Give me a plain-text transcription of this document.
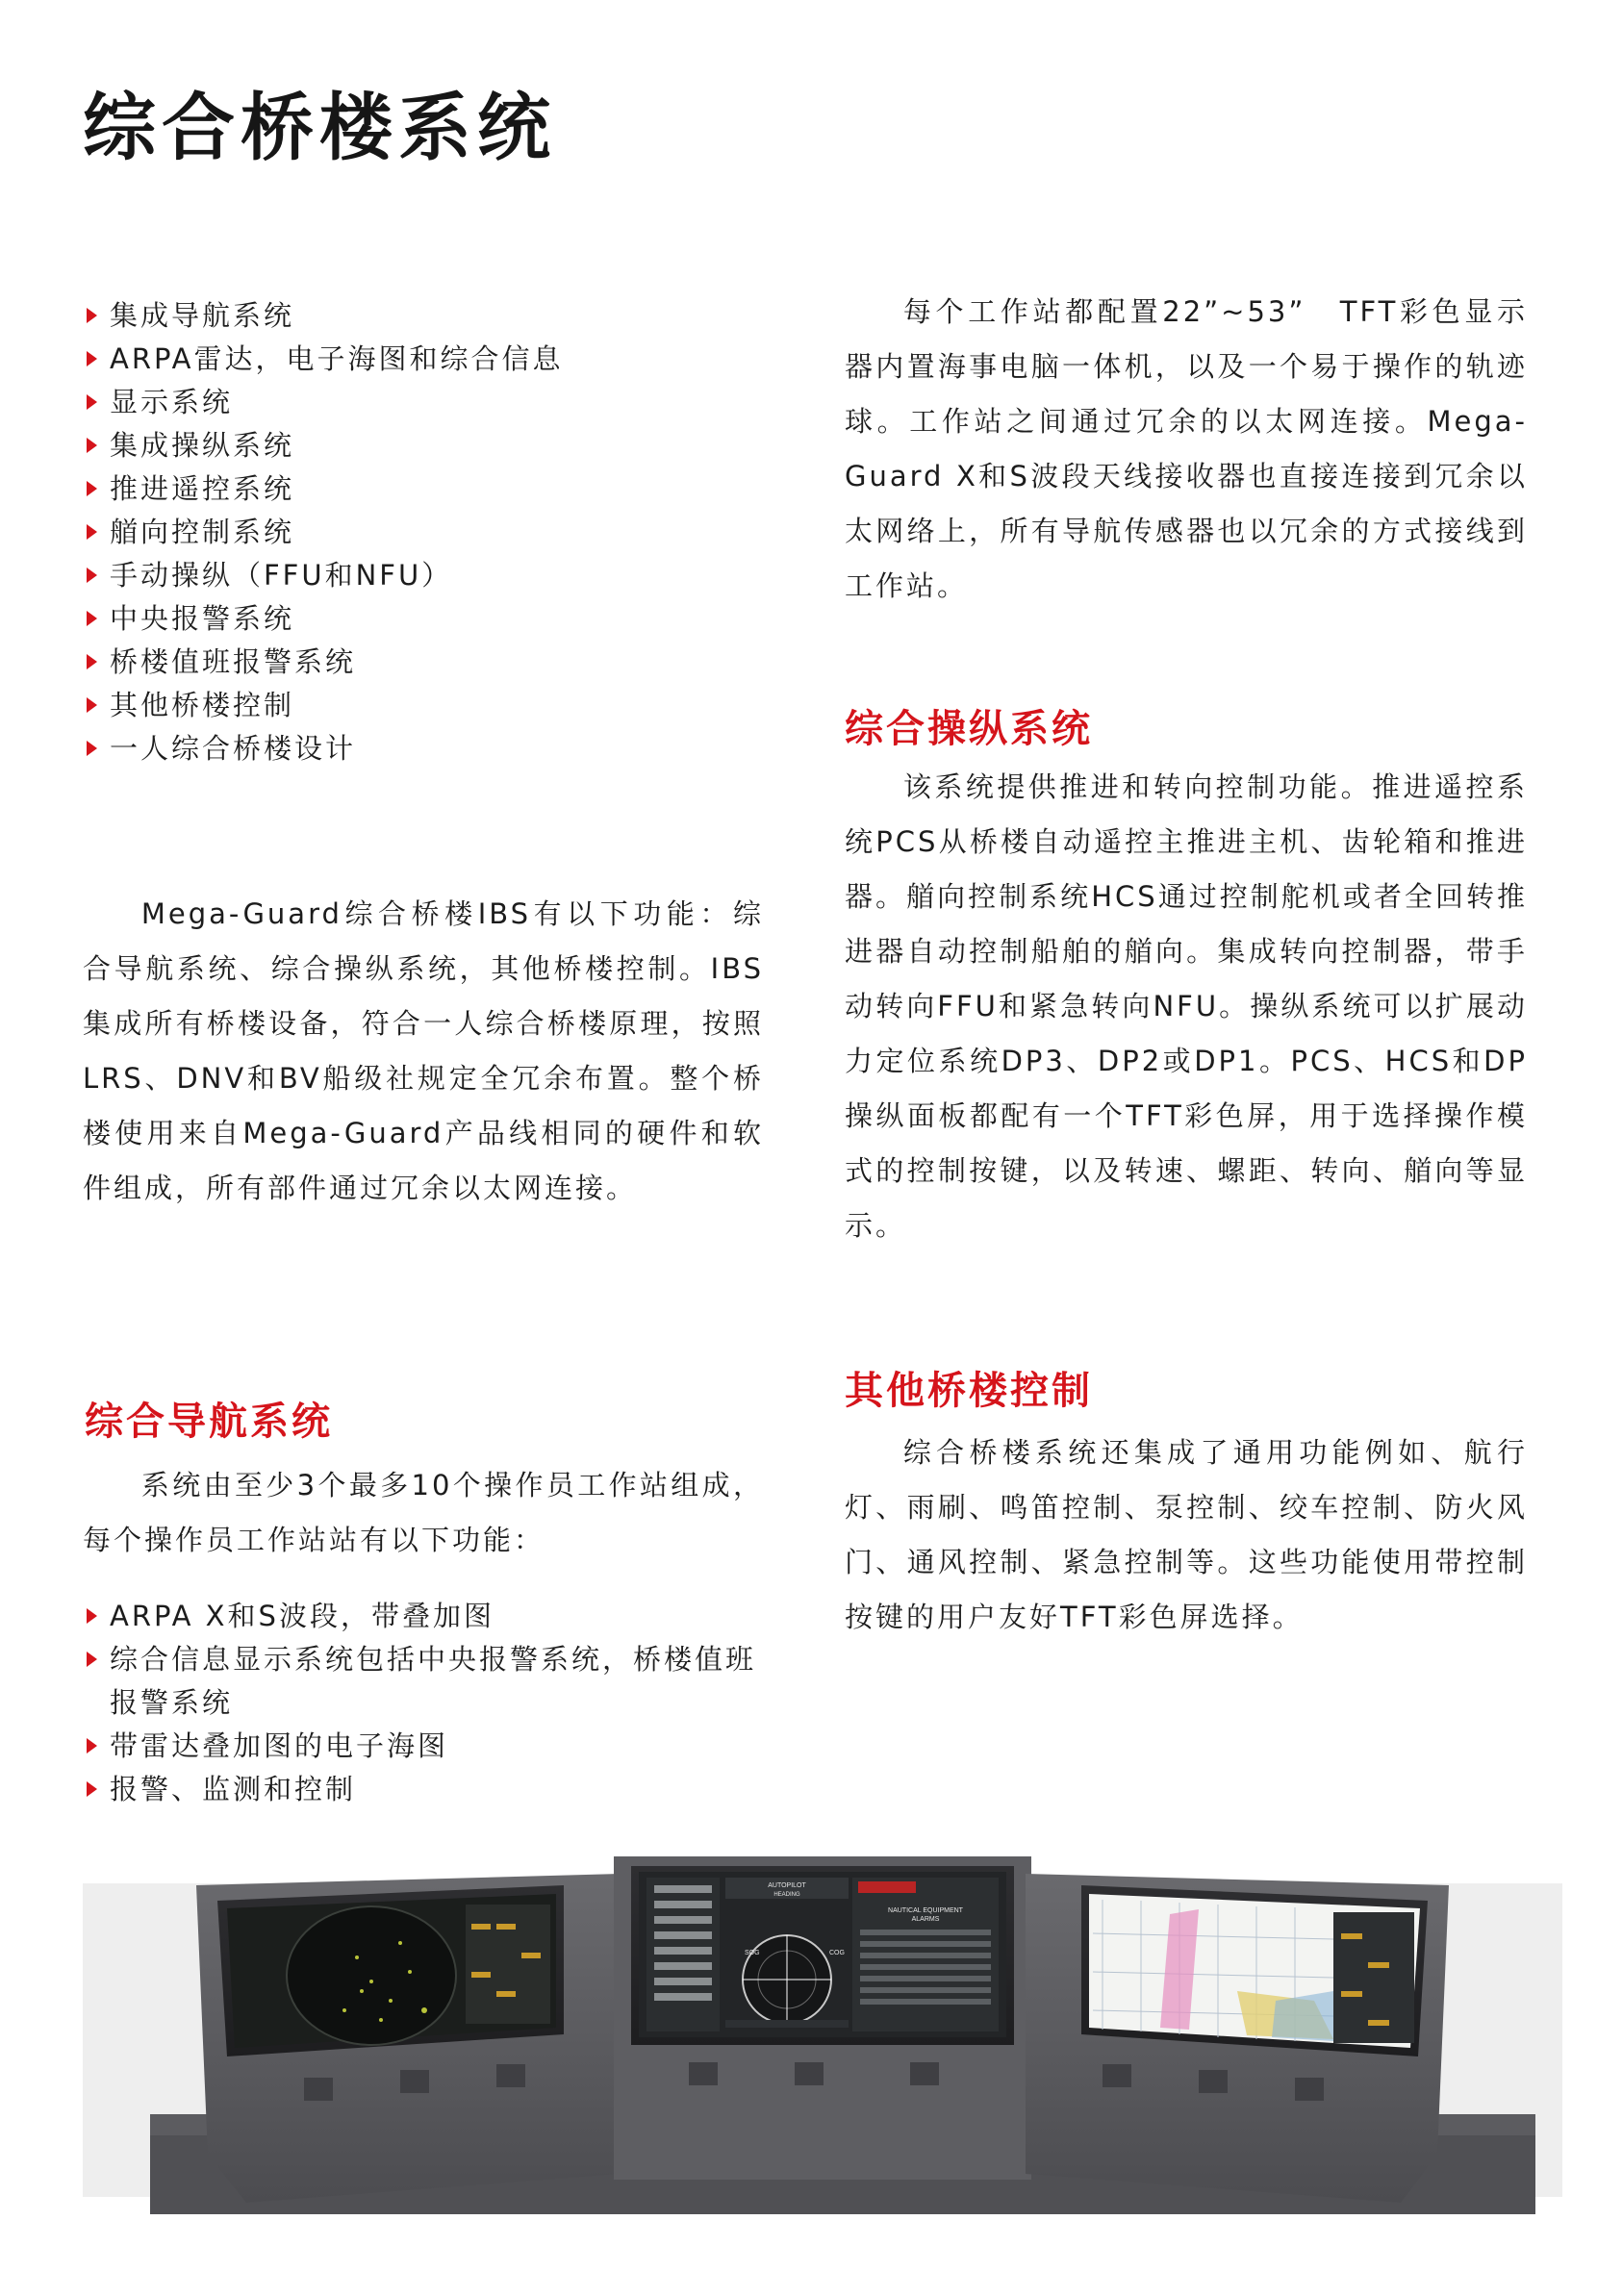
综合桥楼系统
集成导航系统
ARPA雷达，电子海图和综合信息
显示系统
集成操纵系统
推进遥控系统
艏向控制系统
手动操纵（FFU和NFU）
中央报警系统
桥楼值班报警系统
其他桥楼控制
一人综合桥楼设计

Mega-Guard综合桥楼IBS有以下功能：综合导航系统、综合操纵系统，其他桥楼控制。IBS集成所有桥楼设备，符合一人综合桥楼原理，按照LRS、DNV和BV船级社规定全冗余布置。整个桥楼使用来自Mega-Guard产品线相同的硬件和软件组成，所有部件通过冗余以太网连接。

综合导航系统

系统由至少3个最多10个操作员工作站组成，每个操作员工作站站有以下功能：

ARPA X和S波段，带叠加图
综合信息显示系统包括中央报警系统，桥楼值班报警系统
带雷达叠加图的电子海图
报警、监测和控制

每个工作站都配置22”~53”　TFT彩色显示器内置海事电脑一体机，以及一个易于操作的轨迹球。工作站之间通过冗余的以太网连接。Mega-Guard X和S波段天线接收器也直接连接到冗余以太网络上，所有导航传感器也以冗余的方式接线到工作站。

综合操纵系统

该系统提供推进和转向控制功能。推进遥控系统PCS从桥楼自动遥控主推进主机、齿轮箱和推进器。艏向控制系统HCS通过控制舵机或者全回转推进器自动控制船舶的艏向。集成转向控制器，带手动转向FFU和紧急转向NFU。操纵系统可以扩展动力定位系统DP3、DP2或DP1。PCS、HCS和DP操纵面板都配有一个TFT彩色屏，用于选择操作模式的控制按键，以及转速、螺距、转向、艏向等显示。

其他桥楼控制

综合桥楼系统还集成了通用功能例如、航行灯、雨刷、鸣笛控制、泵控制、绞车控制、防火风门、通风控制、紧急控制等。这些功能使用带控制按键的用户友好TFT彩色屏选择。

AUTOPILOT
HEADING
SOG	COG
NAUTICAL EQUIPMENT
ALARMS
